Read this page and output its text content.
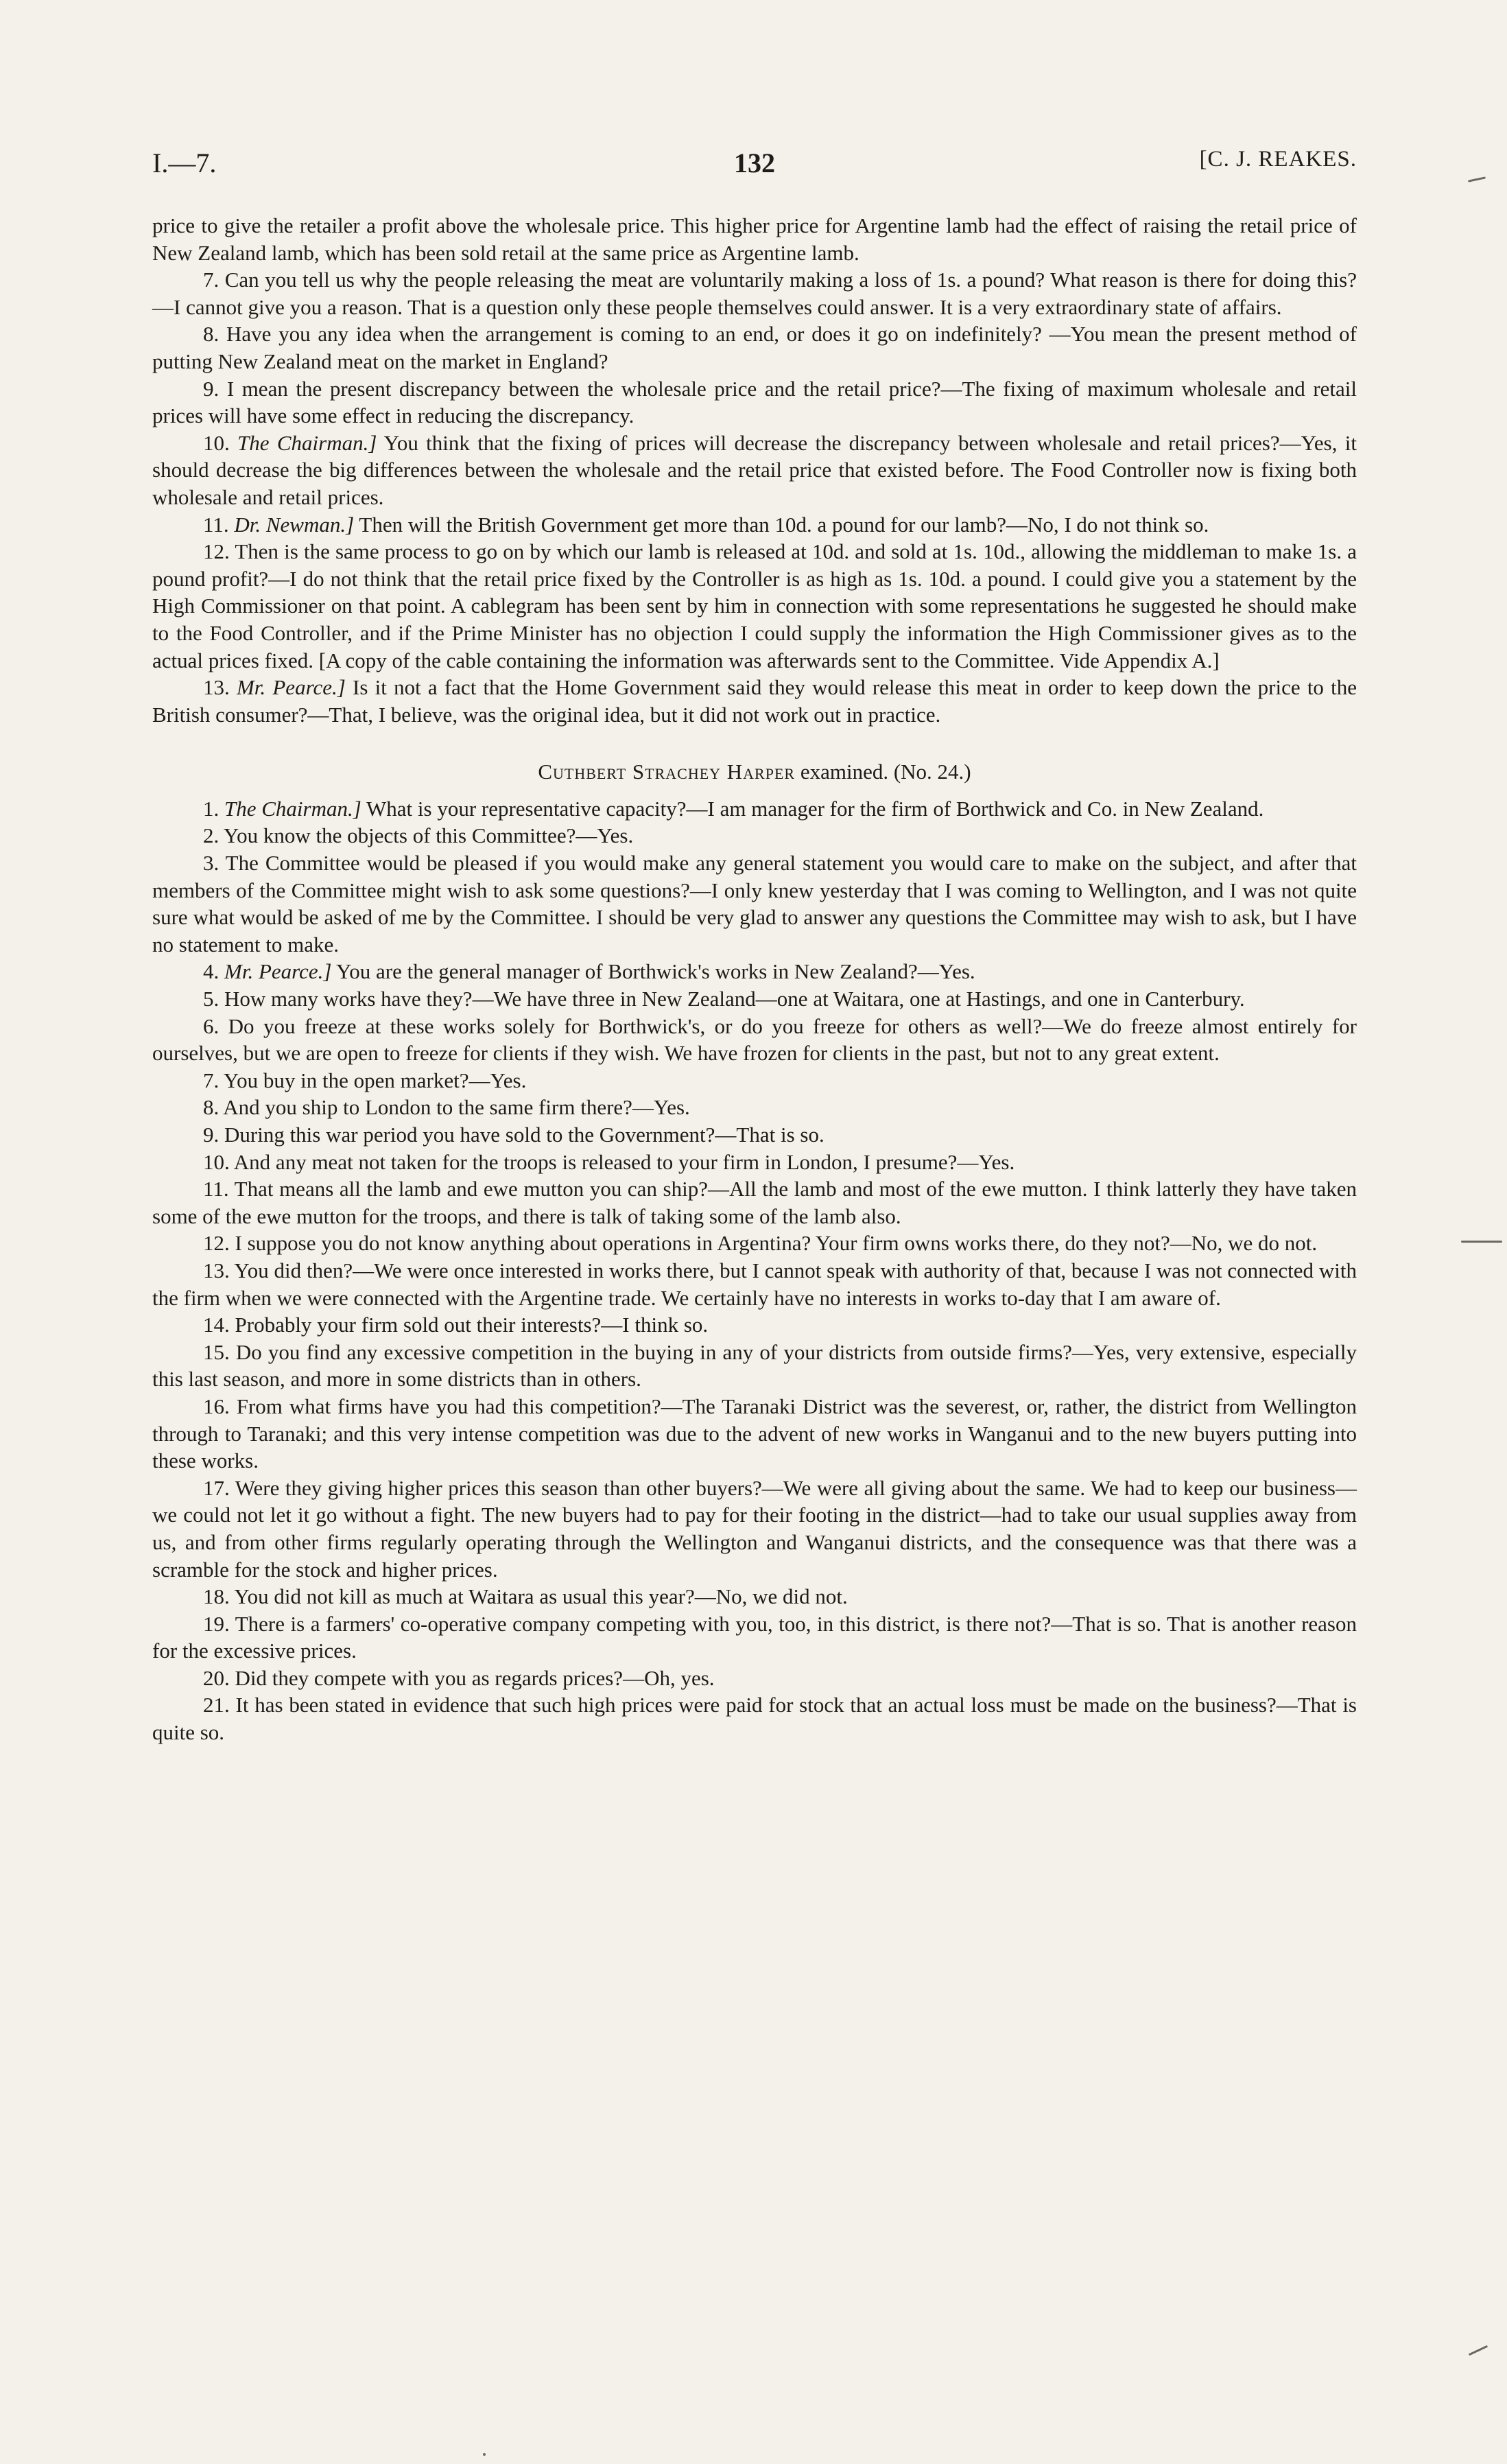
I.—7.	132	[C. J. REAKES.

price to give the retailer a profit above the wholesale price. This higher price for Argentine lamb had the effect of raising the retail price of New Zealand lamb, which has been sold retail at the same price as Argentine lamb.

7. Can you tell us why the people releasing the meat are voluntarily making a loss of 1s. a pound? What reason is there for doing this?—I cannot give you a reason. That is a question only these people themselves could answer. It is a very extraordinary state of affairs.

8. Have you any idea when the arrangement is coming to an end, or does it go on indefinitely? —You mean the present method of putting New Zealand meat on the market in England?

9. I mean the present discrepancy between the wholesale price and the retail price?—The fixing of maximum wholesale and retail prices will have some effect in reducing the discrepancy.

10. The Chairman.] You think that the fixing of prices will decrease the discrepancy between wholesale and retail prices?—Yes, it should decrease the big differences between the wholesale and the retail price that existed before. The Food Controller now is fixing both wholesale and retail prices.

11. Dr. Newman.] Then will the British Government get more than 10d. a pound for our lamb?—No, I do not think so.

12. Then is the same process to go on by which our lamb is released at 10d. and sold at 1s. 10d., allowing the middleman to make 1s. a pound profit?—I do not think that the retail price fixed by the Controller is as high as 1s. 10d. a pound. I could give you a statement by the High Commissioner on that point. A cablegram has been sent by him in connection with some representations he suggested he should make to the Food Controller, and if the Prime Minister has no objection I could supply the information the High Commissioner gives as to the actual prices fixed. [A copy of the cable containing the information was afterwards sent to the Committee. Vide Appendix A.]

13. Mr. Pearce.] Is it not a fact that the Home Government said they would release this meat in order to keep down the price to the British consumer?—That, I believe, was the original idea, but it did not work out in practice.

Cuthbert Strachey Harper examined. (No. 24.)

1. The Chairman.] What is your representative capacity?—I am manager for the firm of Borthwick and Co. in New Zealand.

2. You know the objects of this Committee?—Yes.

3. The Committee would be pleased if you would make any general statement you would care to make on the subject, and after that members of the Committee might wish to ask some questions?—I only knew yesterday that I was coming to Wellington, and I was not quite sure what would be asked of me by the Committee. I should be very glad to answer any questions the Committee may wish to ask, but I have no statement to make.

4. Mr. Pearce.] You are the general manager of Borthwick's works in New Zealand?—Yes.

5. How many works have they?—We have three in New Zealand—one at Waitara, one at Hastings, and one in Canterbury.

6. Do you freeze at these works solely for Borthwick's, or do you freeze for others as well?—We do freeze almost entirely for ourselves, but we are open to freeze for clients if they wish. We have frozen for clients in the past, but not to any great extent.

7. You buy in the open market?—Yes.

8. And you ship to London to the same firm there?—Yes.

9. During this war period you have sold to the Government?—That is so.

10. And any meat not taken for the troops is released to your firm in London, I presume?—Yes.

11. That means all the lamb and ewe mutton you can ship?—All the lamb and most of the ewe mutton. I think latterly they have taken some of the ewe mutton for the troops, and there is talk of taking some of the lamb also.

12. I suppose you do not know anything about operations in Argentina? Your firm owns works there, do they not?—No, we do not.

13. You did then?—We were once interested in works there, but I cannot speak with authority of that, because I was not connected with the firm when we were connected with the Argentine trade. We certainly have no interests in works to-day that I am aware of.

14. Probably your firm sold out their interests?—I think so.

15. Do you find any excessive competition in the buying in any of your districts from outside firms?—Yes, very extensive, especially this last season, and more in some districts than in others.

16. From what firms have you had this competition?—The Taranaki District was the severest, or, rather, the district from Wellington through to Taranaki; and this very intense competition was due to the advent of new works in Wanganui and to the new buyers putting into these works.

17. Were they giving higher prices this season than other buyers?—We were all giving about the same. We had to keep our business—we could not let it go without a fight. The new buyers had to pay for their footing in the district—had to take our usual supplies away from us, and from other firms regularly operating through the Wellington and Wanganui districts, and the consequence was that there was a scramble for the stock and higher prices.

18. You did not kill as much at Waitara as usual this year?—No, we did not.

19. There is a farmers' co-operative company competing with you, too, in this district, is there not?—That is so. That is another reason for the excessive prices.

20. Did they compete with you as regards prices?—Oh, yes.

21. It has been stated in evidence that such high prices were paid for stock that an actual loss must be made on the business?—That is quite so.
